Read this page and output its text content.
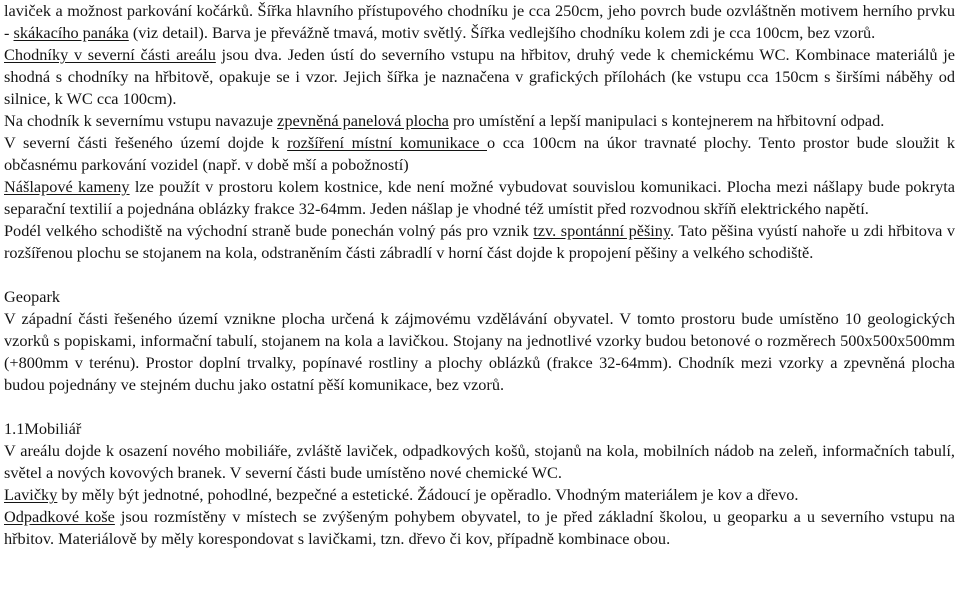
laviček a možnost parkování kočárků. Šířka hlavního přístupového chodníku je cca 250cm, jeho povrch bude ozvláštněn motivem herního prvku - skákacího panáka (viz detail). Barva je převážně tmavá, motiv světlý. Šířka vedlejšího chodníku kolem zdi je cca 100cm, bez vzorů.

Chodníky v severní části areálu jsou dva. Jeden ústí do severního vstupu na hřbitov, druhý vede k chemickému WC. Kombinace materiálů je shodná s chodníky na hřbitově, opakuje se i vzor. Jejich šířka je naznačena v grafických přílohách (ke vstupu cca 150cm s širšími náběhy od silnice, k WC cca 100cm).

Na chodník k severnímu vstupu navazuje zpevněná panelová plocha pro umístění a lepší manipulaci s kontejnerem na hřbitovní odpad.

V severní části řešeného území dojde k rozšíření místní komunikace o cca 100cm na úkor travnaté plochy. Tento prostor bude sloužit k občasnému parkování vozidel (např. v době mší a pobožností)

Nášlapové kameny lze použít v prostoru kolem kostnice, kde není možné vybudovat souvislou komunikaci. Plocha mezi nášlapy bude pokryta separační textilií a pojednána oblázky frakce 32-64mm. Jeden nášlap je vhodné též umístit před rozvodnou skříň elektrického napětí.

Podél velkého schodiště na východní straně bude ponechán volný pás pro vznik tzv. spontánní pěšiny. Tato pěšina vyústí nahoře u zdi hřbitova v rozšířenou plochu se stojanem na kola, odstraněním části zábradlí v horní část dojde k propojení pěšiny a velkého schodiště.

Geopark

V západní části řešeného území vznikne plocha určená k zájmovému vzdělávání obyvatel. V tomto prostoru bude umístěno 10 geologických vzorků s popiskami, informační tabulí, stojanem na kola a lavičkou. Stojany na jednotlivé vzorky budou betonové o rozměrech 500x500x500mm (+800mm v terénu). Prostor doplní trvalky, popínavé rostliny a plochy oblázků (frakce 32-64mm). Chodník mezi vzorky a zpevněná plocha budou pojednány ve stejném duchu jako ostatní pěší komunikace, bez vzorů.

1.1Mobiliář

V areálu dojde k osazení nového mobiliáře, zvláště laviček, odpadkových košů, stojanů na kola, mobilních nádob na zeleň, informačních tabulí, světel a nových kovových branek. V severní části bude umístěno nové chemické WC.

Lavičky by měly být jednotné, pohodlné, bezpečné a estetické. Žádoucí je opěradlo. Vhodným materiálem je kov a dřevo.

Odpadkové koše jsou rozmístěny v místech se zvýšeným pohybem obyvatel, to je před základní školou, u geoparku a u severního vstupu na hřbitov. Materiálově by měly korespondovat s lavičkami, tzn. dřevo či kov, případně kombinace obou.
